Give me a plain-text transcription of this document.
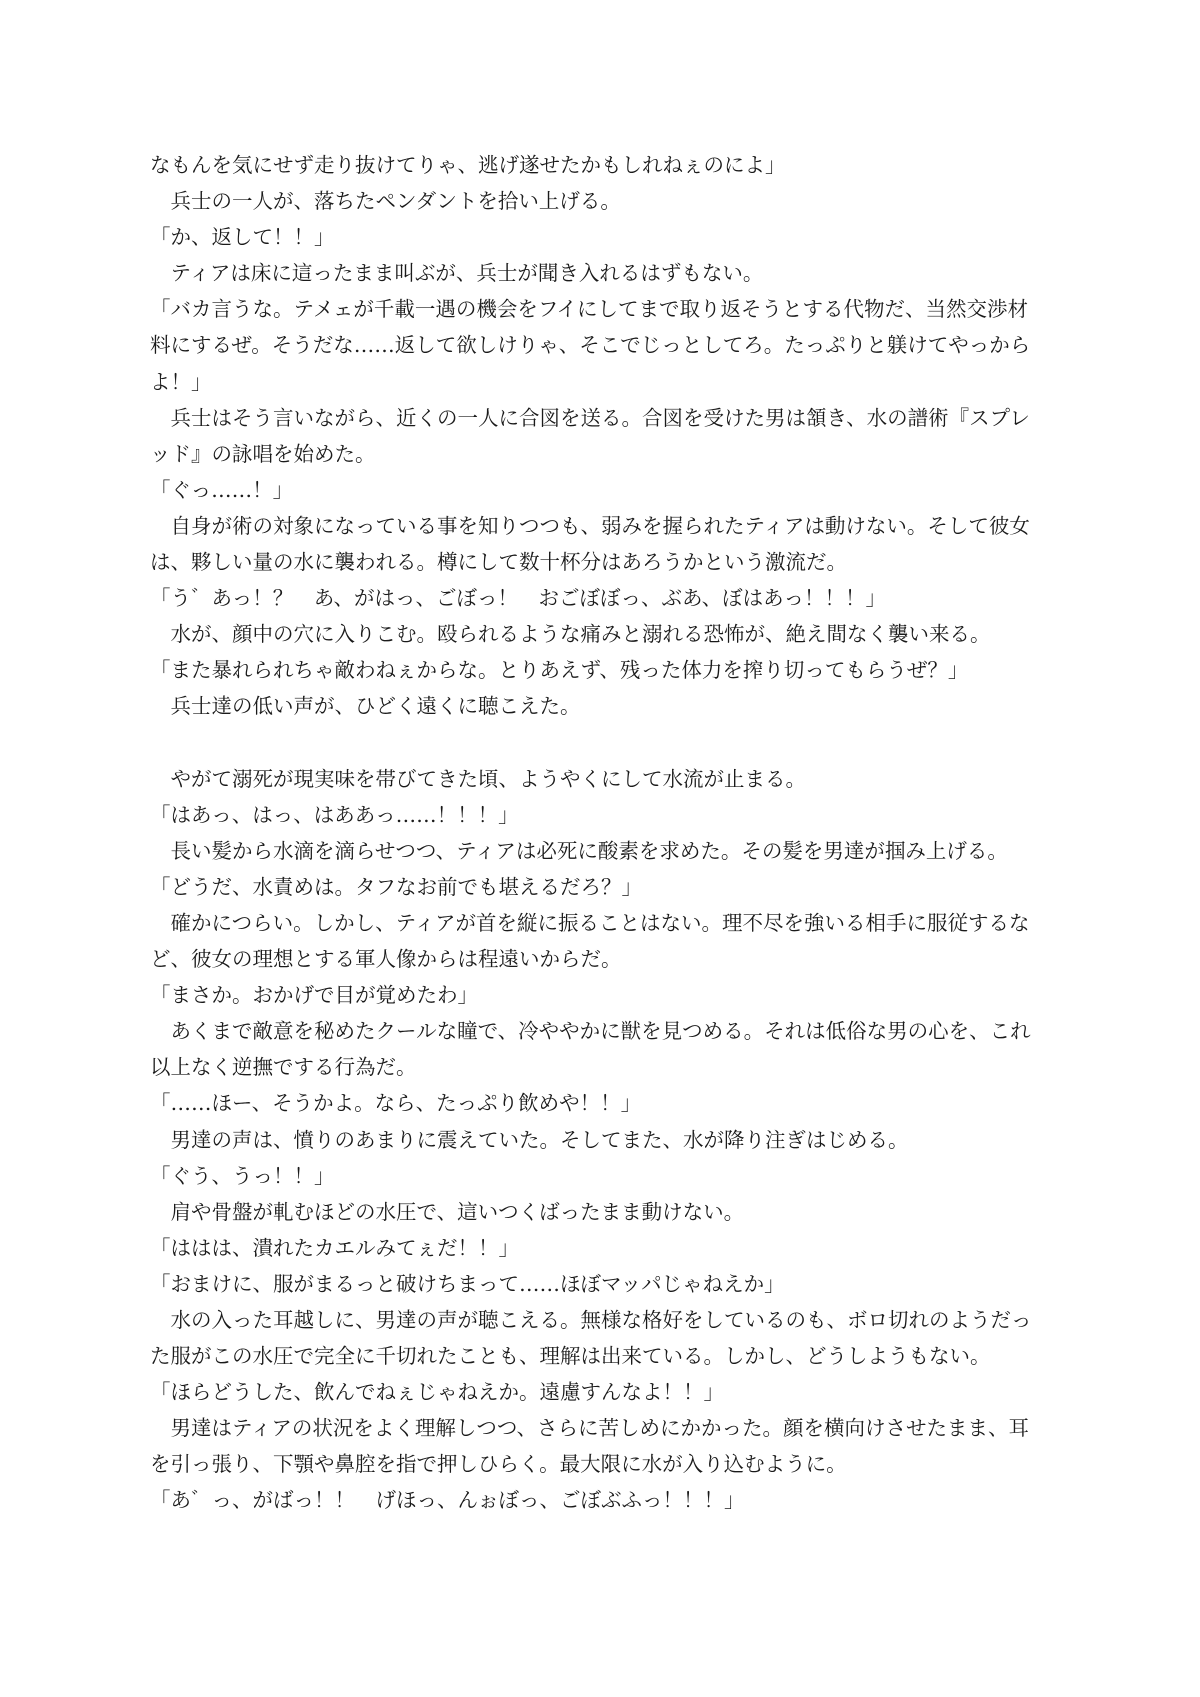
なもんを気にせず走り抜けてりゃ、逃げ遂せたかもしれねぇのによ」
　兵士の一人が、落ちたペンダントを拾い上げる。
「か、返して！！」
　ティアは床に這ったまま叫ぶが、兵士が聞き入れるはずもない。
「バカ言うな。テメェが千載一遇の機会をフイにしてまで取り返そうとする代物だ、当然交渉材
料にするぜ。そうだな……返して欲しけりゃ、そこでじっとしてろ。たっぷりと躾けてやっから
よ！」
　兵士はそう言いながら、近くの一人に合図を送る。合図を受けた男は頷き、水の譜術『スプレ
ッド』の詠唱を始めた。
「ぐっ……！」
　自身が術の対象になっている事を知りつつも、弱みを握られたティアは動けない。そして彼女
は、夥しい量の水に襲われる。樽にして数十杯分はあろうかという激流だ。
「う゛あっ！？　あ、がはっ、ごぼっ！　おごぼぼっ、ぶあ、ぼはあっ！！！」
　水が、顔中の穴に入りこむ。殴られるような痛みと溺れる恐怖が、絶え間なく襲い来る。
「また暴れられちゃ敵わねぇからな。とりあえず、残った体力を搾り切ってもらうぜ？」
　兵士達の低い声が、ひどく遠くに聴こえた。
　やがて溺死が現実味を帯びてきた頃、ようやくにして水流が止まる。
「はあっ、はっ、はああっ……！！！」
　長い髪から水滴を滴らせつつ、ティアは必死に酸素を求めた。その髪を男達が掴み上げる。
「どうだ、水責めは。タフなお前でも堪えるだろ？」
　確かにつらい。しかし、ティアが首を縦に振ることはない。理不尽を強いる相手に服従するな
ど、彼女の理想とする軍人像からは程遠いからだ。
「まさか。おかげで目が覚めたわ」
　あくまで敵意を秘めたクールな瞳で、冷ややかに獣を見つめる。それは低俗な男の心を、これ
以上なく逆撫でする行為だ。
「……ほー、そうかよ。なら、たっぷり飲めや！！」
　男達の声は、憤りのあまりに震えていた。そしてまた、水が降り注ぎはじめる。
「ぐう、うっ！！」
　肩や骨盤が軋むほどの水圧で、這いつくばったまま動けない。
「ははは、潰れたカエルみてぇだ！！」
「おまけに、服がまるっと破けちまって……ほぼマッパじゃねえか」
　水の入った耳越しに、男達の声が聴こえる。無様な格好をしているのも、ボロ切れのようだっ
た服がこの水圧で完全に千切れたことも、理解は出来ている。しかし、どうしようもない。
「ほらどうした、飲んでねぇじゃねえか。遠慮すんなよ！！」
　男達はティアの状況をよく理解しつつ、さらに苦しめにかかった。顔を横向けさせたまま、耳
を引っ張り、下顎や鼻腔を指で押しひらく。最大限に水が入り込むように。
「あ゛っ、がばっ！！　げほっ、んぉぼっ、ごぼぶふっ！！！」
